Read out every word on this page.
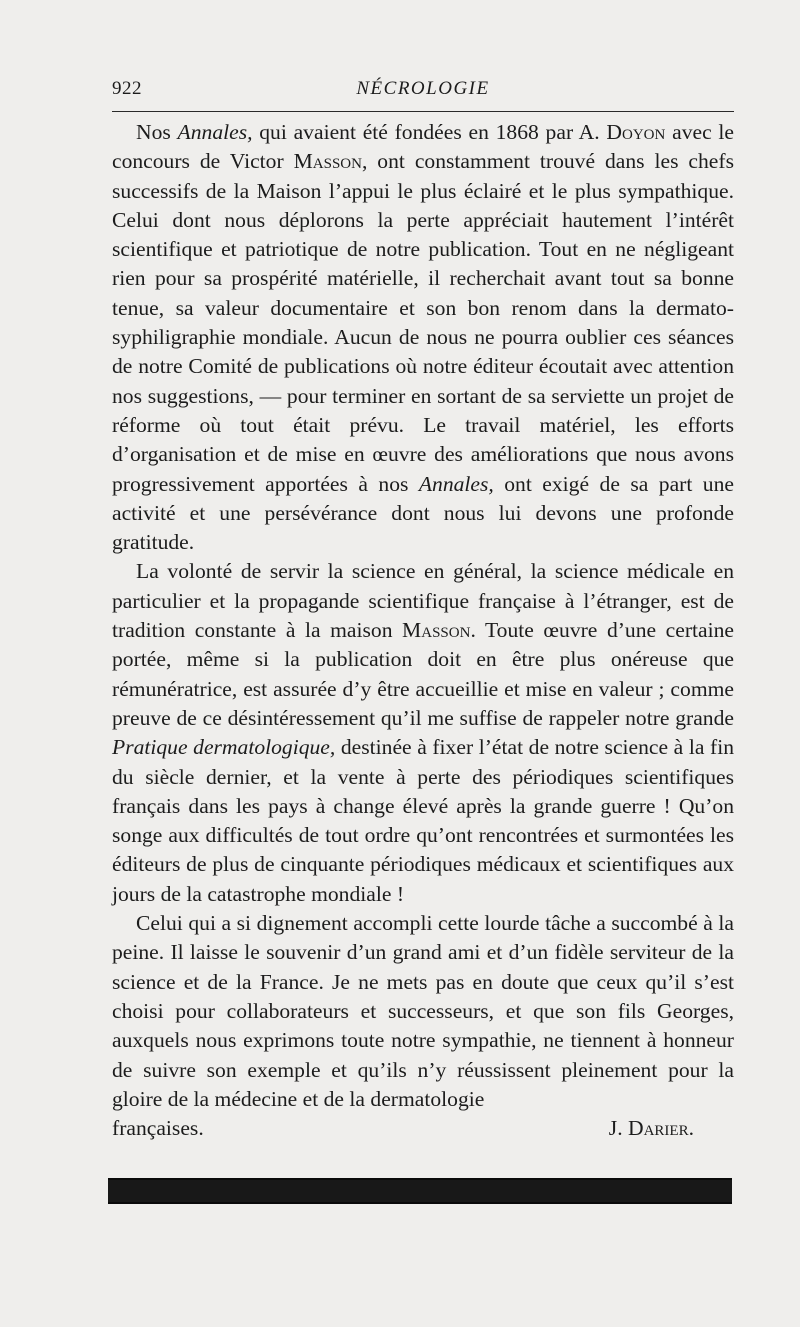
922	NÉCROLOGIE

Nos Annales, qui avaient été fondées en 1868 par A. Doyon avec le concours de Victor Masson, ont constamment trouvé dans les chefs successifs de la Maison l’appui le plus éclairé et le plus sympathique. Celui dont nous déplorons la perte appréciait hautement l’intérêt scientifique et patriotique de notre publication. Tout en ne négligeant rien pour sa prospérité matérielle, il recherchait avant tout sa bonne tenue, sa valeur documentaire et son bon renom dans la dermato-syphiligraphie mondiale. Aucun de nous ne pourra oublier ces séances de notre Comité de publications où notre éditeur écoutait avec attention nos suggestions, — pour terminer en sortant de sa serviette un projet de réforme où tout était prévu. Le travail matériel, les efforts d’organisation et de mise en œuvre des améliorations que nous avons progressivement apportées à nos Annales, ont exigé de sa part une activité et une persévérance dont nous lui devons une profonde gratitude.

La volonté de servir la science en général, la science médicale en particulier et la propagande scientifique française à l’étranger, est de tradition constante à la maison Masson. Toute œuvre d’une certaine portée, même si la publication doit en être plus onéreuse que rémunératrice, est assurée d’y être accueillie et mise en valeur ; comme preuve de ce désintéressement qu’il me suffise de rappeler notre grande Pratique dermatologique, destinée à fixer l’état de notre science à la fin du siècle dernier, et la vente à perte des périodiques scientifiques français dans les pays à change élevé après la grande guerre ! Qu’on songe aux difficultés de tout ordre qu’ont rencontrées et surmontées les éditeurs de plus de cinquante périodiques médicaux et scientifiques aux jours de la catastrophe mondiale !

Celui qui a si dignement accompli cette lourde tâche a succombé à la peine. Il laisse le souvenir d’un grand ami et d’un fidèle serviteur de la science et de la France. Je ne mets pas en doute que ceux qu’il s’est choisi pour collaborateurs et successeurs, et que son fils Georges, auxquels nous exprimons toute notre sympathie, ne tiennent à honneur de suivre son exemple et qu’ils n’y réussissent pleinement pour la gloire de la médecine et de la dermatologie

françaises.	J. Darier.
